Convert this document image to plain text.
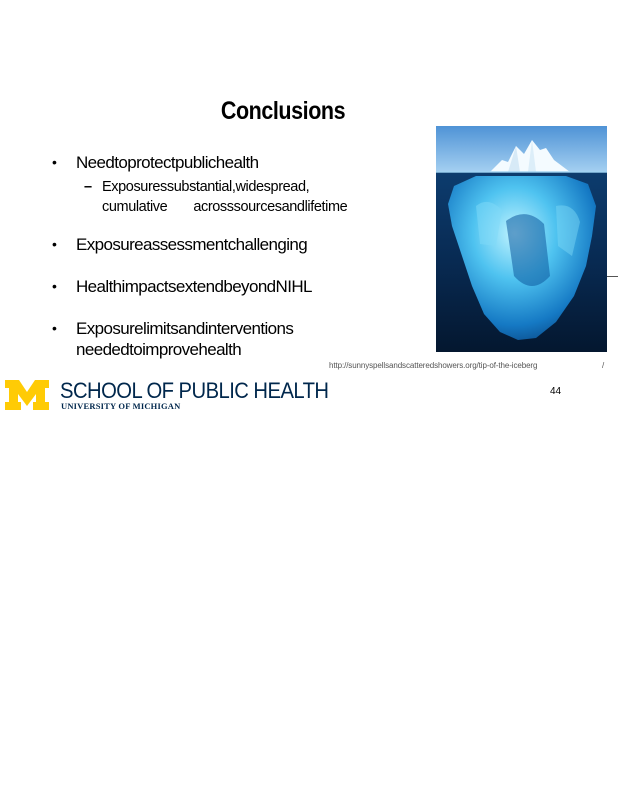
Conclusions
• Needtoprotectpublichealth
– Exposuressubstantial,widespread,
cumulative acrosssourcesandlifetime
• Exposureassessmentchallenging
• HealthimpactsextendbeyondNIHL
• Exposurelimitsandinterventions
neededtoimprovehealth
http://sunnyspellsandscatteredshowers.org/tip-of-the-iceberg	/
SCHOOL OF PUBLIC HEALTH
UNIVERSITY OF MICHIGAN
44
